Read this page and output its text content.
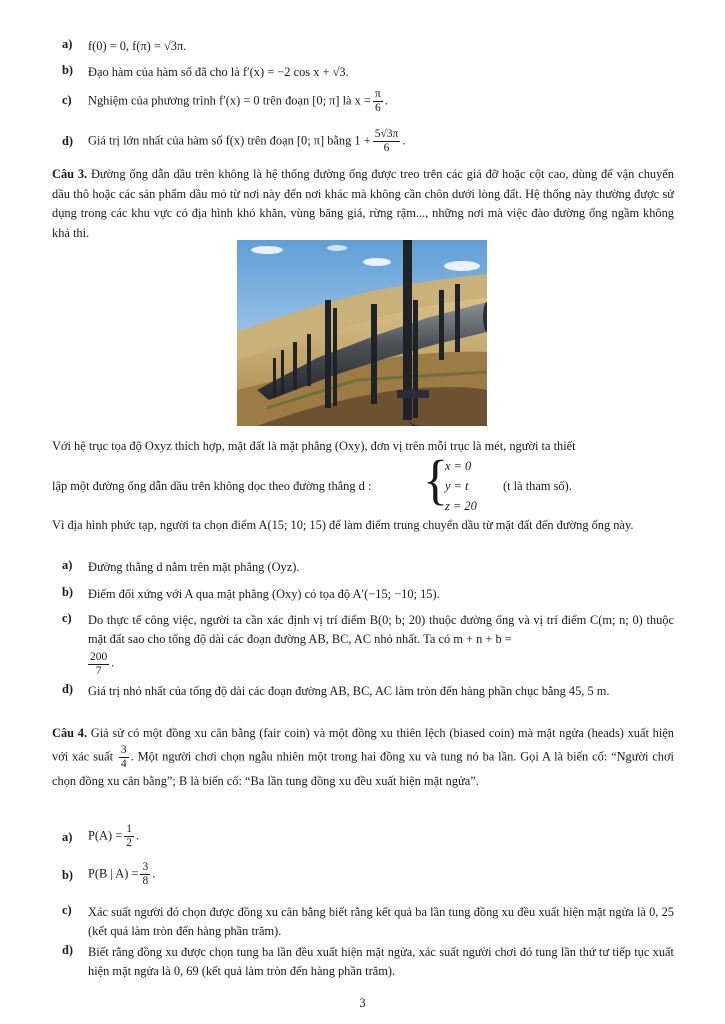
a) f(0) = 0, f(π) = √3π.
b) Đạo hàm của hàm số đã cho là f′(x) = −2 cos x + √3.
c) Nghiệm của phương trình f′(x) = 0 trên đoạn [0; π] là $x = \frac{\pi}{6}$ .
d) Giá trị lớn nhất của hàm số f(x) trên đoạn [0; π] bằng $1 + \frac{5√3\pi}{6}$ .
Câu 3. Đường ống dẫn dầu trên không là hệ thống đường ống được treo trên các giá đỡ hoặc cột cao, dùng để vận chuyển dầu thô hoặc các sản phẩm dầu mỏ từ nơi này đến nơi khác mà không cần chôn dưới lòng đất. Hệ thống này thường được sử dụng trong các khu vực có địa hình khó khăn, vùng băng giá, rừng rậm..., những nơi mà việc đào đường ống ngầm không khả thi.
Với hệ trục tọa độ Oxyz thích hợp, mặt đất là mặt phẳng (Oxy), đơn vị trên mỗi trục là mét, người ta thiết
lập một đường ống dẫn dầu trên không dọc theo đường thẳng d : {
x = 0
y = t
z = 20
(t là tham số).
Vì địa hình phức tạp, người ta chọn điểm A(15; 10; 15) để làm điểm trung chuyển dầu từ mặt đất đến đường ống này.
a) Đường thẳng d nằm trên mặt phẳng (Oyz).
b) Điểm đối xứng với A qua mặt phẳng (Oxy) có tọa độ A′(−15; −10; 15).
c) Do thực tế công việc, người ta cần xác định vị trí điểm B(0; b; 20) thuộc đường ống và vị trí điểm C(m; n; 0) thuộc mặt đất sao cho tổng độ dài các đoạn đường AB, BC, AC nhỏ nhất. Ta có m + n + b =

$\frac{200}{7}$ .
d) Giá trị nhỏ nhất của tổng độ dài các đoạn đường AB, BC, AC làm tròn đến hàng phần chục bằng 45, 5 m.
Câu 4. Giả sử có một đồng xu cân bằng (fair coin) và một đồng xu thiên lệch (biased coin) mà mặt ngửa (heads) xuất hiện với xác suất $\frac{3}{4}$ . Một người chơi chọn ngẫu nhiên một trong hai đồng xu và tung nó ba lần. Gọi A là biến cố: “Người chơi chọn đồng xu cân bằng”; B là biến cố: “Ba lần tung đồng xu đều xuất hiện mặt ngửa”.
a) $P(A) = \frac{1}{2}$ .
b) P(B | $A) = \frac{3}{8}$ .
c) Xác suất người đó chọn được đồng xu cân bằng biết rằng kết quả ba lần tung đồng xu đều xuất hiện mặt ngửa là 0, 25 (kết quả làm tròn đến hàng phần trăm).
d) Biết rằng đồng xu được chọn tung ba lần đều xuất hiện mặt ngửa, xác suất người chơi đó tung lần thứ tư tiếp tục xuất hiện mặt ngửa là 0, 69 (kết quả làm tròn đến hàng phần trăm).
3
